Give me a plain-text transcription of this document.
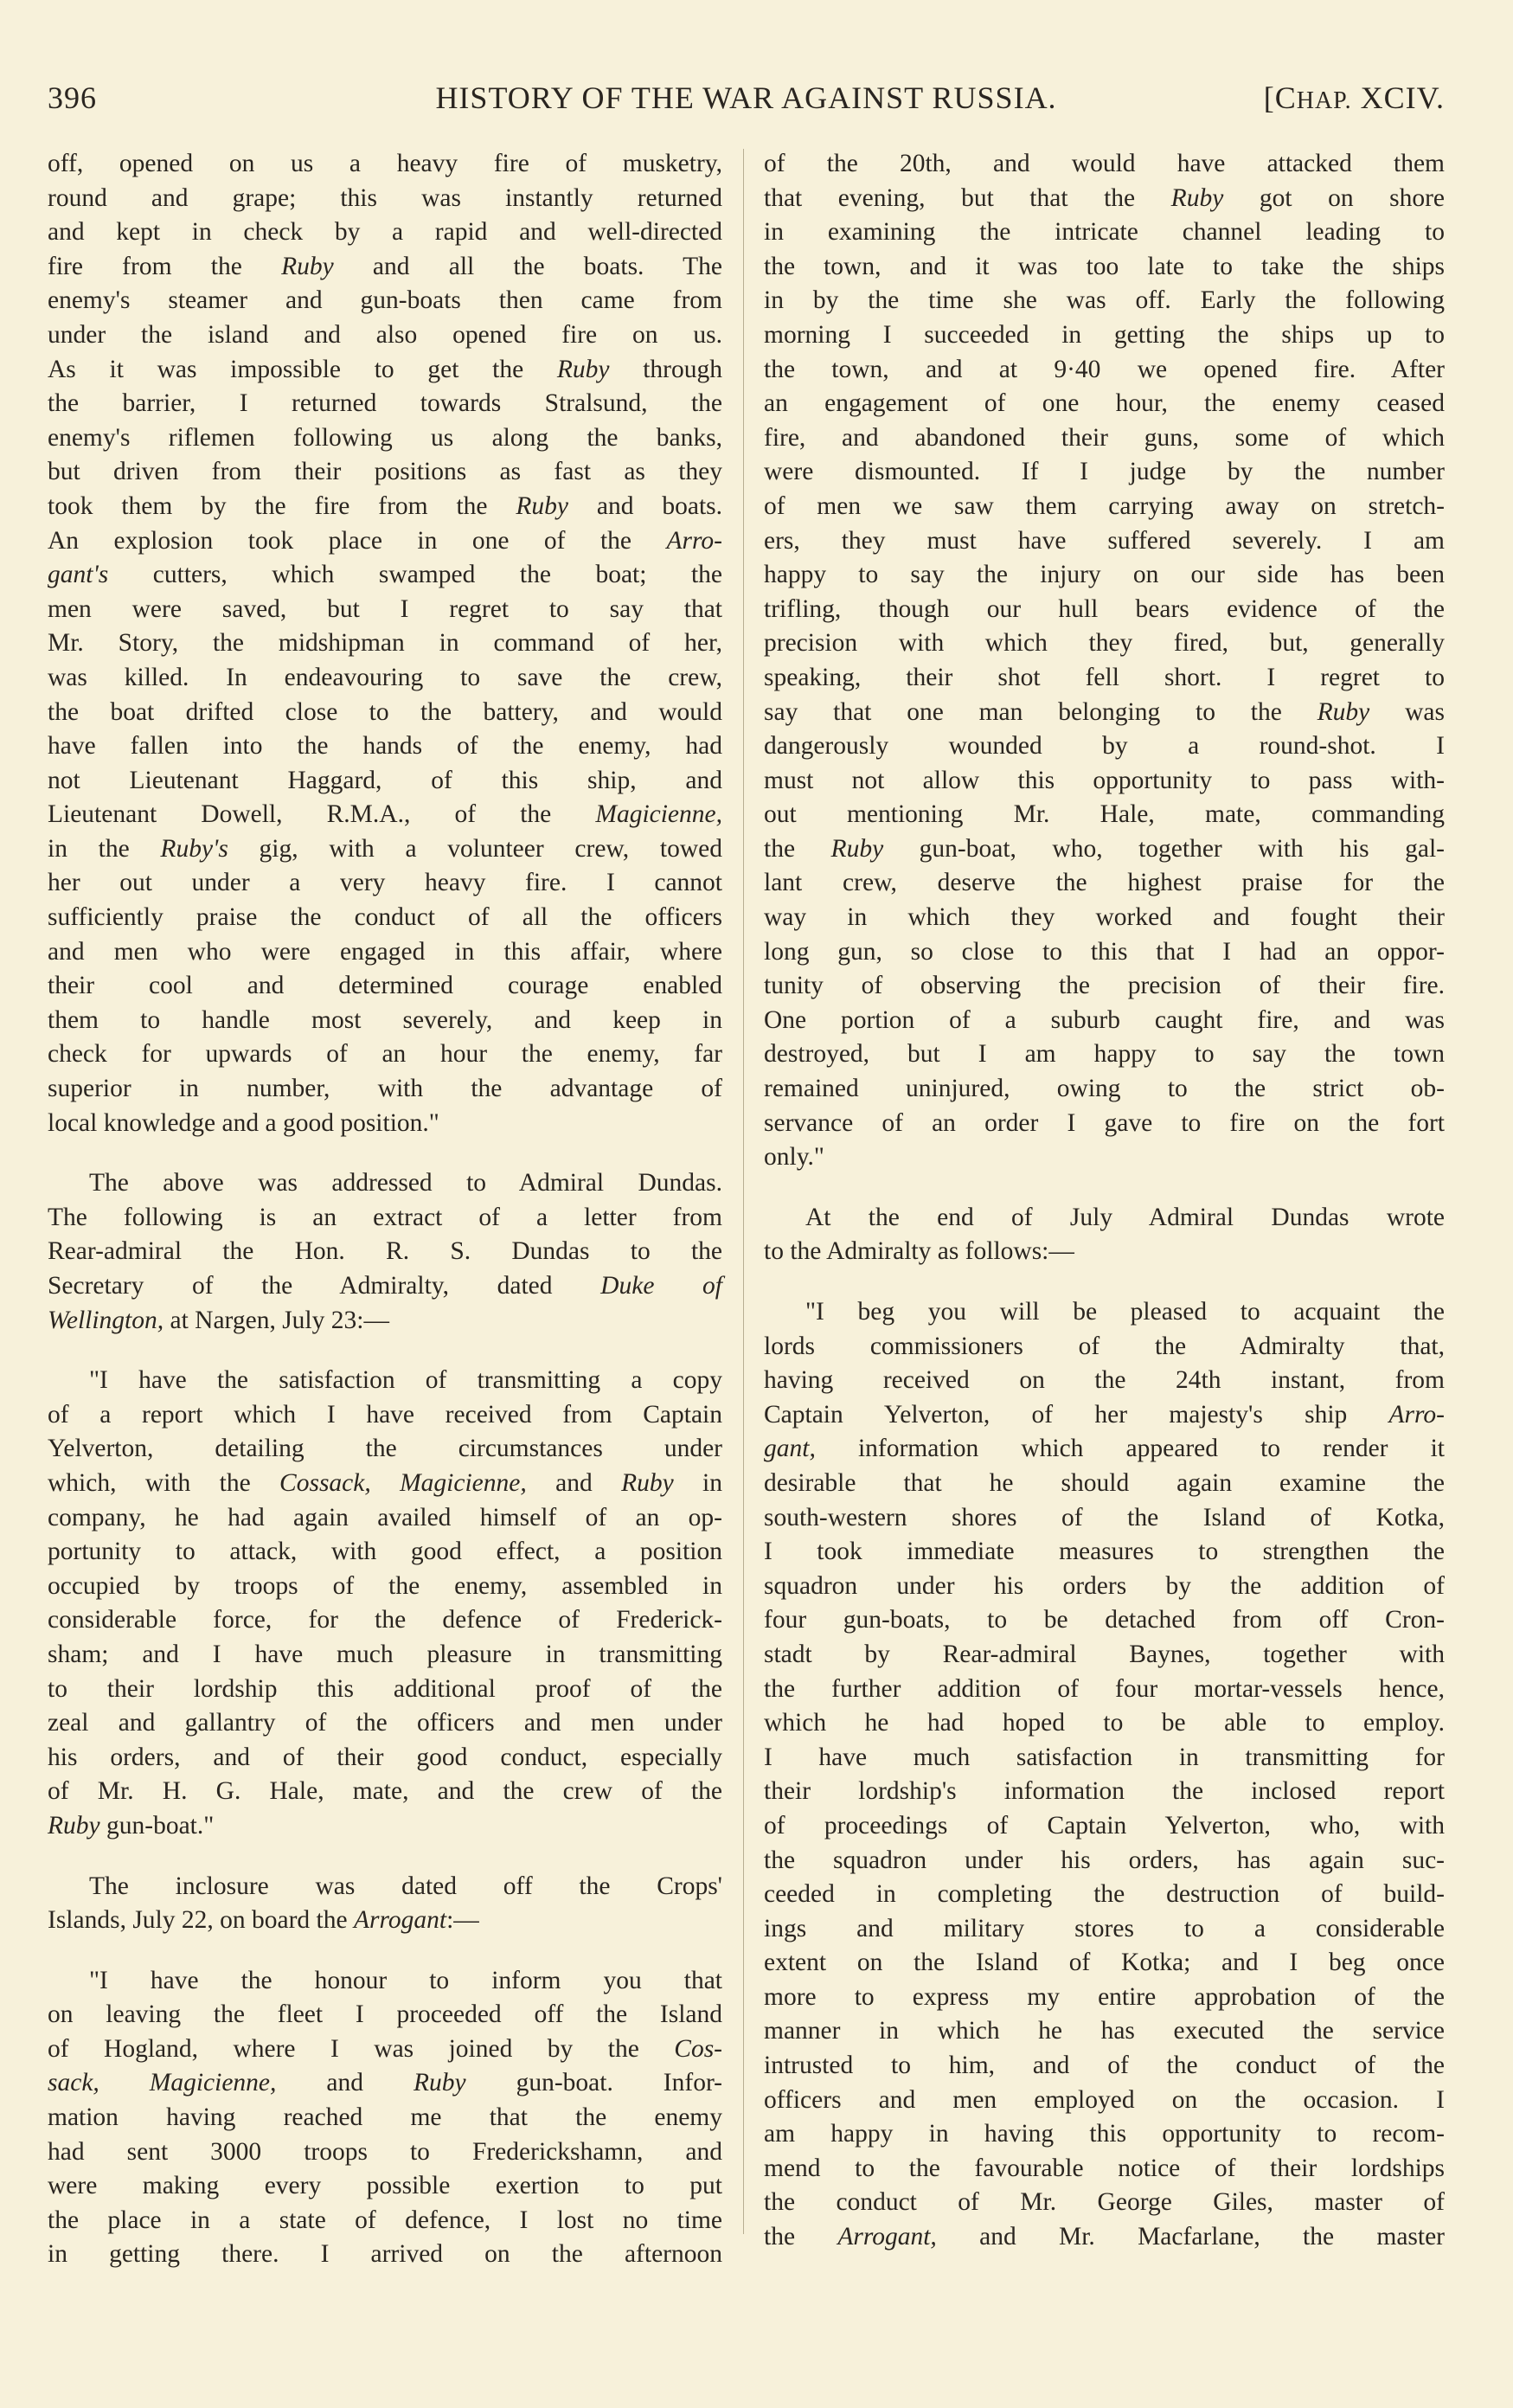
396	HISTORY OF THE WAR AGAINST RUSSIA.	[CHAP. XCIV.
off, opened on us a heavy fire of musketry,
round and grape; this was instantly returned
and kept in check by a rapid and well-directed
fire from the Ruby and all the boats. The
enemy's steamer and gun-boats then came from
under the island and also opened fire on us.
As it was impossible to get the Ruby through
the barrier, I returned towards Stralsund, the
enemy's riflemen following us along the banks,
but driven from their positions as fast as they
took them by the fire from the Ruby and boats.
An explosion took place in one of the Arro-
gant's cutters, which swamped the boat; the
men were saved, but I regret to say that
Mr. Story, the midshipman in command of her,
was killed. In endeavouring to save the crew,
the boat drifted close to the battery, and would
have fallen into the hands of the enemy, had
not Lieutenant Haggard, of this ship, and
Lieutenant Dowell, R.M.A., of the Magicienne,
in the Ruby's gig, with a volunteer crew, towed
her out under a very heavy fire. I cannot
sufficiently praise the conduct of all the officers
and men who were engaged in this affair, where
their cool and determined courage enabled
them to handle most severely, and keep in
check for upwards of an hour the enemy, far
superior in number, with the advantage of
local knowledge and a good position."
The above was addressed to Admiral Dundas.
The following is an extract of a letter from
Rear-admiral the Hon. R. S. Dundas to the
Secretary of the Admiralty, dated Duke of
Wellington, at Nargen, July 23:—
"I have the satisfaction of transmitting a copy
of a report which I have received from Captain
Yelverton, detailing the circumstances under
which, with the Cossack, Magicienne, and Ruby in
company, he had again availed himself of an op-
portunity to attack, with good effect, a position
occupied by troops of the enemy, assembled in
considerable force, for the defence of Frederick-
sham; and I have much pleasure in transmitting
to their lordship this additional proof of the
zeal and gallantry of the officers and men under
his orders, and of their good conduct, especially
of Mr. H. G. Hale, mate, and the crew of the
Ruby gun-boat."
The inclosure was dated off the Crops'
Islands, July 22, on board the Arrogant:—
"I have the honour to inform you that
on leaving the fleet I proceeded off the Island
of Hogland, where I was joined by the Cos-
sack, Magicienne, and Ruby gun-boat. Infor-
mation having reached me that the enemy
had sent 3000 troops to Frederickshamn, and
were making every possible exertion to put
the place in a state of defence, I lost no time
in getting there. I arrived on the afternoon
of the 20th, and would have attacked them
that evening, but that the Ruby got on shore
in examining the intricate channel leading to
the town, and it was too late to take the ships
in by the time she was off. Early the following
morning I succeeded in getting the ships up to
the town, and at 9·40 we opened fire. After
an engagement of one hour, the enemy ceased
fire, and abandoned their guns, some of which
were dismounted. If I judge by the number
of men we saw them carrying away on stretch-
ers, they must have suffered severely. I am
happy to say the injury on our side has been
trifling, though our hull bears evidence of the
precision with which they fired, but, generally
speaking, their shot fell short. I regret to
say that one man belonging to the Ruby was
dangerously wounded by a round-shot. I
must not allow this opportunity to pass with-
out mentioning Mr. Hale, mate, commanding
the Ruby gun-boat, who, together with his gal-
lant crew, deserve the highest praise for the
way in which they worked and fought their
long gun, so close to this that I had an oppor-
tunity of observing the precision of their fire.
One portion of a suburb caught fire, and was
destroyed, but I am happy to say the town
remained uninjured, owing to the strict ob-
servance of an order I gave to fire on the fort
only."
At the end of July Admiral Dundas wrote
to the Admiralty as follows:—
"I beg you will be pleased to acquaint the
lords commissioners of the Admiralty that,
having received on the 24th instant, from
Captain Yelverton, of her majesty's ship Arro-
gant, information which appeared to render it
desirable that he should again examine the
south-western shores of the Island of Kotka,
I took immediate measures to strengthen the
squadron under his orders by the addition of
four gun-boats, to be detached from off Cron-
stadt by Rear-admiral Baynes, together with
the further addition of four mortar-vessels hence,
which he had hoped to be able to employ.
I have much satisfaction in transmitting for
their lordship's information the inclosed report
of proceedings of Captain Yelverton, who, with
the squadron under his orders, has again suc-
ceeded in completing the destruction of build-
ings and military stores to a considerable
extent on the Island of Kotka; and I beg once
more to express my entire approbation of the
manner in which he has executed the service
intrusted to him, and of the conduct of the
officers and men employed on the occasion. I
am happy in having this opportunity to recom-
mend to the favourable notice of their lordships
the conduct of Mr. George Giles, master of
the Arrogant, and Mr. Macfarlane, the master
